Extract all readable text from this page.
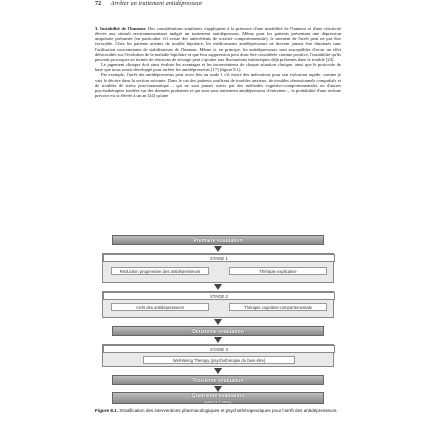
72 Arrêter un traitement antidépresseur

3. Instabilité de l'humeur. Des considérations similaires s'appliquent à la présence d'une instabilité de l'humeur et d'une réactivité élevée aux stimuli environnementaux malgré un traitement antidépresseur. Même pour les patients présentant une dépression unipolaire présumée (en particulier s'il existe des antécédents de toxicité comportementale), le moment de l'arrêt peut ne pas être favorable. Chez les patients atteints de trouble bipolaire, les médicaments antidépresseurs ne doivent jamais être diminués sans l'utilisation concomitante de stabilisateurs de l'humeur. Même si, en principe, les antidépresseurs sont susceptibles d'avoir un effet défavorable sur l'évolution de la maladie bipolaire et que leur suppression peut donc être considérée comme positive, l'instabilité qu'ils peuvent provoquer en termes de réactions de sevrage peut s'ajouter aux fluctuations intrinsèques déjà présentes dans le trouble [23].

Le jugement clinique doit ainsi évaluer les avantages et les inconvénients de chaque situation clinique, ainsi que le protocole de base que nous avons développé pour arrêter les antidépresseurs [17] (figure 8.1).

Par exemple, l'arrêt des antidépresseurs peut avoir lieu au stade 1 s'il existe des indications pour son exécution rapide, comme je vais le décrire dans la section suivante. Dans le cas des patients souffrant de troubles anxieux, de troubles obsessionnels compulsifs et de troubles de stress post-traumatique – qui ne sont jamais suivis par des méthodes cognitivo-comportementales ou d'autres psychothérapies fondées sur des données probantes et qui sont sous traitement antidépresseur d'entretien –, la probabilité d'une rechute précoce est si élevée à un an [24] qu'une

Première évaluation
STADE 1
Réduction progressive des antidépresseurs	Thérapie explicative
STADE 2
Arrêt des antidépresseurs	Thérapie cognitivo-comportementale
Deuxième évaluation
STADE 3
Well-Being Therapy (psychothérapie du bien-être)
Troisième évaluation
Quatrième évaluation
(suivi à 6 mois)
Figure 8.1. Stratification des interventions pharmacologiques et psychothérapeutiques pour l'arrêt des antidépresseurs.
